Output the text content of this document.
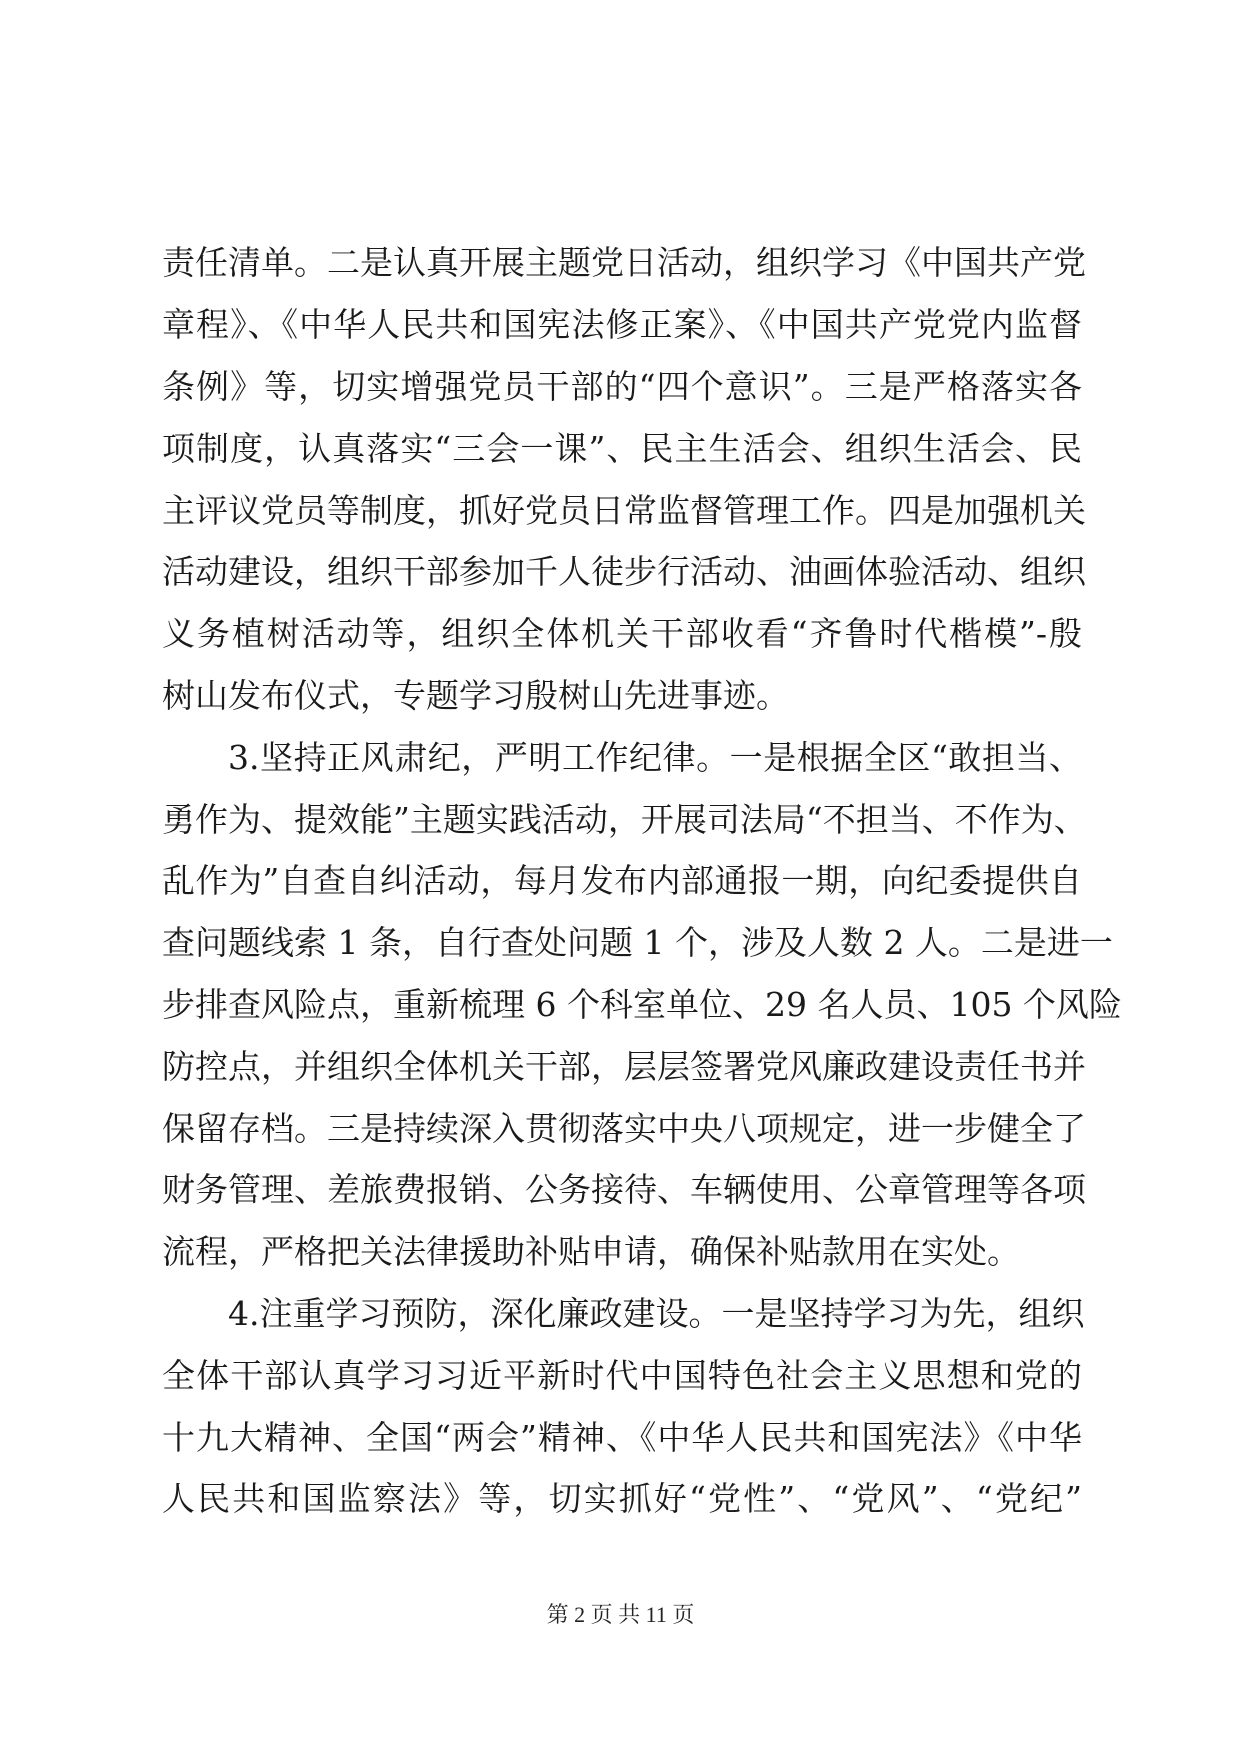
责任清单。二是认真开展主题党日活动，组织学习《中国共产党
章程》、《中华人民共和国宪法修正案》、《中国共产党党内监督
条例》等，切实增强党员干部的“四个意识”。三是严格落实各
项制度，认真落实“三会一课”、民主生活会、组织生活会、民
主评议党员等制度，抓好党员日常监督管理工作。四是加强机关
活动建设，组织干部参加千人徒步行活动、油画体验活动、组织
义务植树活动等，组织全体机关干部收看“齐鲁时代楷模”-殷
树山发布仪式，专题学习殷树山先进事迹。
3.坚持正风肃纪，严明工作纪律。一是根据全区“敢担当、
勇作为、提效能”主题实践活动，开展司法局“不担当、不作为、
乱作为”自查自纠活动，每月发布内部通报一期，向纪委提供自
查问题线索 1 条，自行查处问题 1 个，涉及人数 2 人。二是进一
步排查风险点，重新梳理 6 个科室单位、29 名人员、105 个风险
防控点，并组织全体机关干部，层层签署党风廉政建设责任书并
保留存档。三是持续深入贯彻落实中央八项规定，进一步健全了
财务管理、差旅费报销、公务接待、车辆使用、公章管理等各项
流程，严格把关法律援助补贴申请，确保补贴款用在实处。
4.注重学习预防，深化廉政建设。一是坚持学习为先，组织
全体干部认真学习习近平新时代中国特色社会主义思想和党的
十九大精神、全国“两会”精神、《中华人民共和国宪法》《中华
人民共和国监察法》等，切实抓好“党性”、“党风”、“党纪”
第 2 页 共 11 页
